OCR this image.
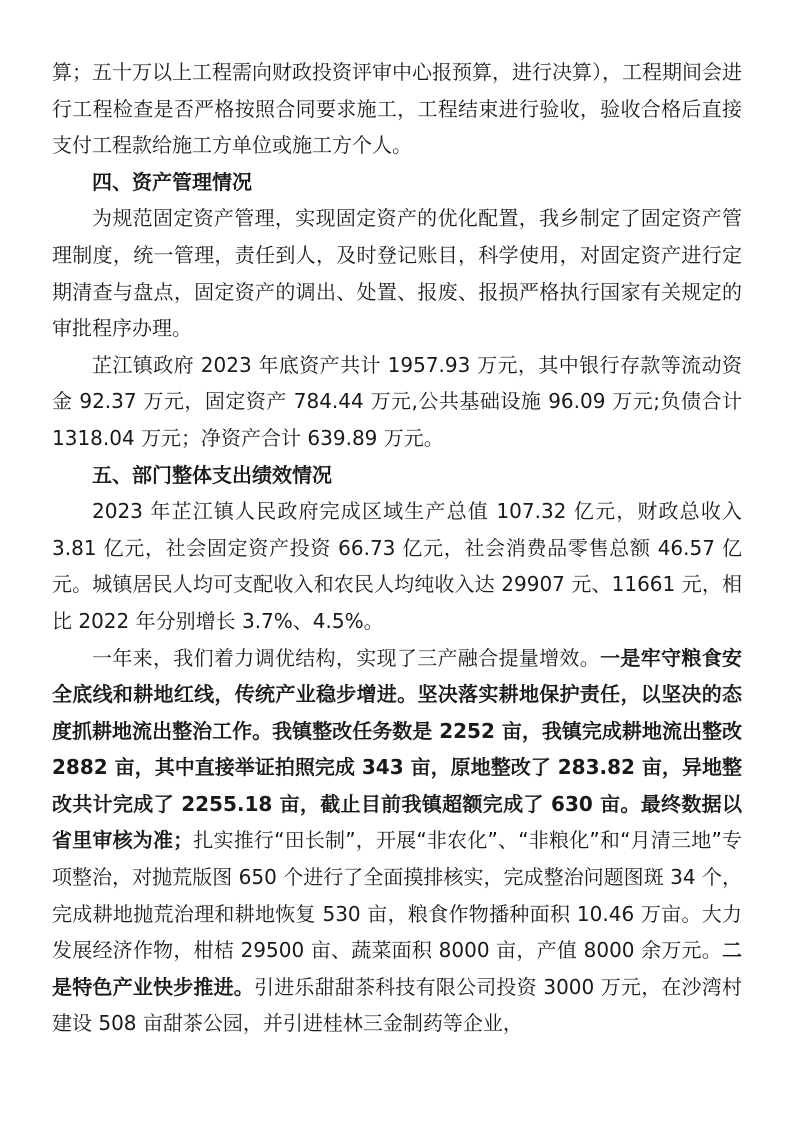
算；五十万以上工程需向财政投资评审中心报预算，进行决算），工程期间会进行工程检查是否严格按照合同要求施工，工程结束进行验收，验收合格后直接支付工程款给施工方单位或施工方个人。

四、资产管理情况

为规范固定资产管理，实现固定资产的优化配置，我乡制定了固定资产管理制度，统一管理，责任到人，及时登记账目，科学使用，对固定资产进行定期清查与盘点，固定资产的调出、处置、报废、报损严格执行国家有关规定的审批程序办理。

芷江镇政府 2023 年底资产共计 1957.93 万元，其中银行存款等流动资金 92.37 万元，固定资产 784.44 万元,公共基础设施 96.09 万元;负债合计 1318.04 万元；净资产合计 639.89 万元。

五、部门整体支出绩效情况

2023 年芷江镇人民政府完成区域生产总值 107.32 亿元，财政总收入 3.81 亿元，社会固定资产投资 66.73 亿元，社会消费品零售总额 46.57 亿元。城镇居民人均可支配收入和农民人均纯收入达 29907 元、11661 元，相比 2022 年分别增长 3.7%、4.5%。

一年来，我们着力调优结构，实现了三产融合提量增效。一是牢守粮食安全底线和耕地红线，传统产业稳步增进。坚决落实耕地保护责任，以坚决的态度抓耕地流出整治工作。我镇整改任务数是 2252 亩，我镇完成耕地流出整改 2882 亩，其中直接举证拍照完成 343 亩，原地整改了 283.82 亩，异地整改共计完成了 2255.18 亩，截止目前我镇超额完成了 630 亩。最终数据以省里审核为准；扎实推行“田长制”，开展“非农化”、“非粮化”和“月清三地”专项整治，对抛荒版图 650 个进行了全面摸排核实，完成整治问题图斑 34 个，完成耕地抛荒治理和耕地恢复 530 亩，粮食作物播种面积 10.46 万亩。大力发展经济作物，柑桔 29500 亩、蔬菜面积 8000 亩，产值 8000 余万元。二是特色产业快步推进。引进乐甜甜茶科技有限公司投资 3000 万元，在沙湾村建设 508 亩甜茶公园，并引进桂林三金制药等企业，
